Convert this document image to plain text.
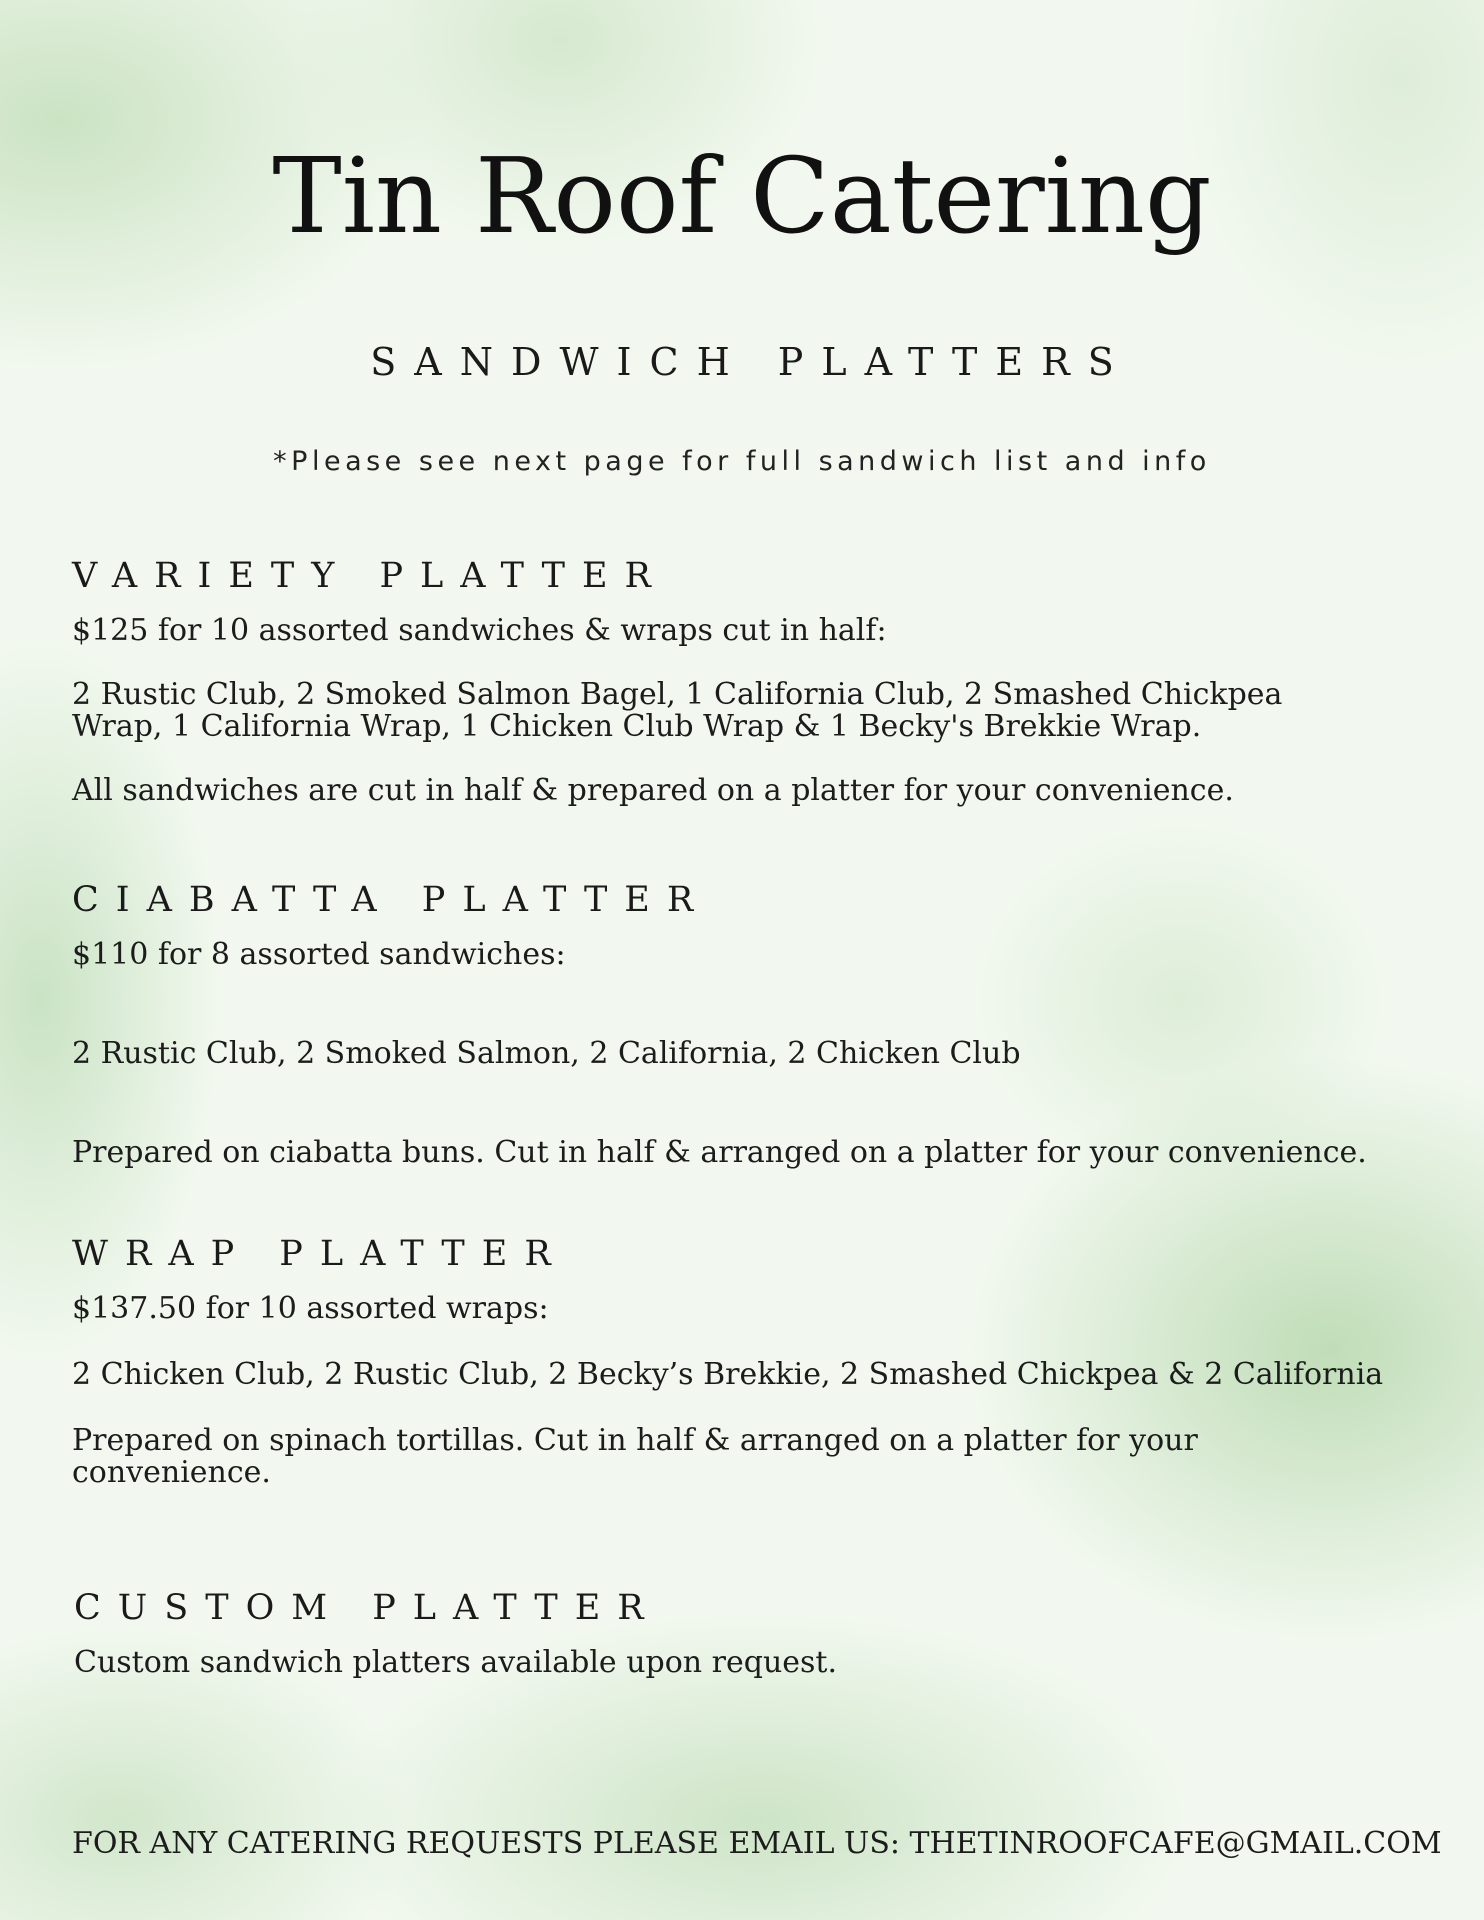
Tin Roof Catering
SANDWICH PLATTERS
*Please see next page for full sandwich list and info
VARIETY PLATTER

$125 for 10 assorted sandwiches & wraps cut in half:

2 Rustic Club, 2 Smoked Salmon Bagel, 1 California Club, 2 Smashed Chickpea

Wrap, 1 California Wrap, 1 Chicken Club Wrap & 1 Becky's Brekkie Wrap.

All sandwiches are cut in half & prepared on a platter for your convenience.

CIABATTA PLATTER

$110 for 8 assorted sandwiches:

2 Rustic Club, 2 Smoked Salmon, 2 California, 2 Chicken Club

Prepared on ciabatta buns. Cut in half & arranged on a platter for your convenience.

WRAP PLATTER

$137.50 for 10 assorted wraps:

2 Chicken Club, 2 Rustic Club, 2 Becky’s Brekkie, 2 Smashed Chickpea & 2 California

Prepared on spinach tortillas. Cut in half & arranged on a platter for your

convenience.

CUSTOM PLATTER

Custom sandwich platters available upon request.

FOR ANY CATERING REQUESTS PLEASE EMAIL US: THETINROOFCAFE@GMAIL.COM
